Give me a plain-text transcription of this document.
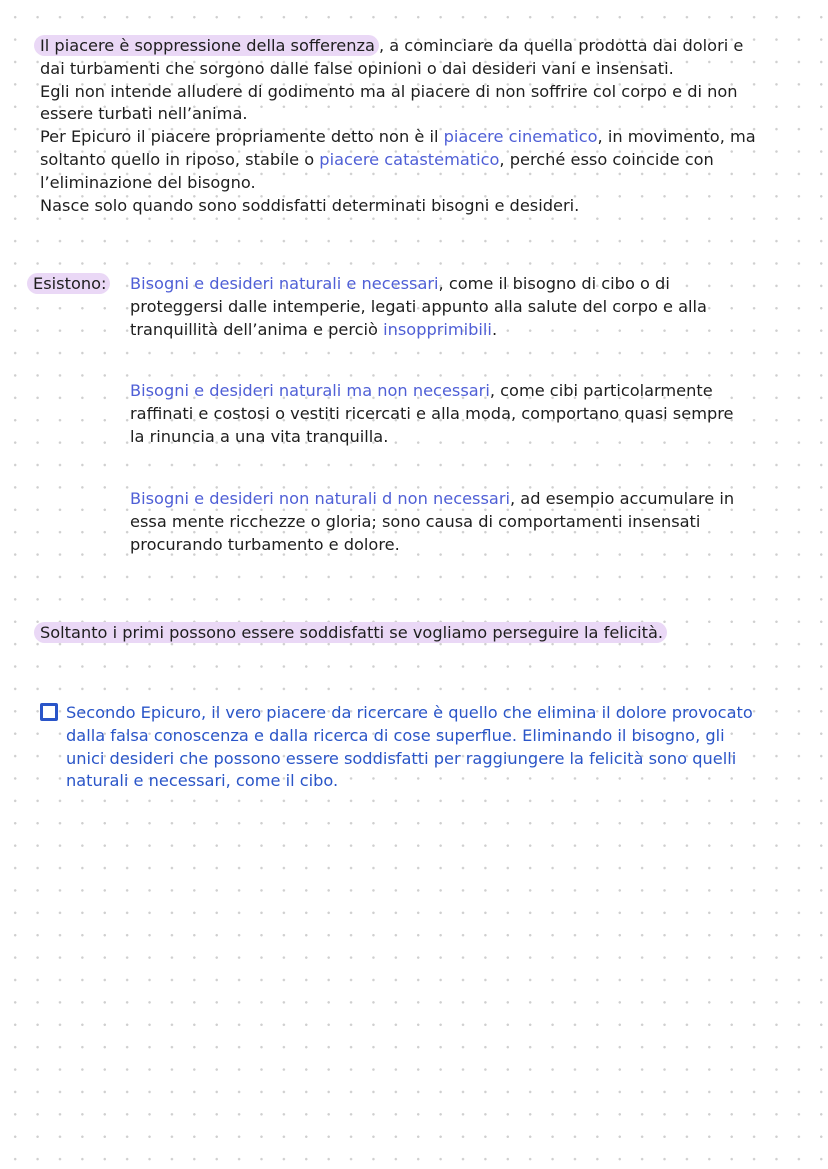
Il piacere è soppressione della sofferenza , a cominciare da quella prodotta dai dolori e
dai turbamenti che sorgono dalle false opinioni o dai desideri vani e insensati.
Egli non intende alludere di godimento ma al piacere di non soffrire col corpo e di non
essere turbati nell’anima.
Per Epicuro il piacere propriamente detto non è il piacere cinematico, in movimento, ma
soltanto quello in riposo, stabile o piacere catastematico, perché esso coincide con
l’eliminazione del bisogno.
Nasce solo quando sono soddisfatti determinati bisogni e desideri.
Esistono: Bisogni e desideri naturali e necessari, come il bisogno di cibo o di
proteggersi dalle intemperie, legati appunto alla salute del corpo e alla
tranquillità dell’anima e perciò insopprimibili.
Bisogni e desideri naturali ma non necessari, come cibi particolarmente
raffinati e costosi o vestiti ricercati e alla moda, comportano quasi sempre
la rinuncia a una vita tranquilla.
Bisogni e desideri non naturali d non necessari, ad esempio accumulare in
essa mente ricchezze o gloria; sono causa di comportamenti insensati
procurando turbamento e dolore.
Soltanto i primi possono essere soddisfatti se vogliamo perseguire la felicità.
Secondo Epicuro, il vero piacere da ricercare è quello che elimina il dolore provocato
dalla falsa conoscenza e dalla ricerca di cose superflue. Eliminando il bisogno, gli
unici desideri che possono essere soddisfatti per raggiungere la felicità sono quelli
naturali e necessari, come il cibo.
